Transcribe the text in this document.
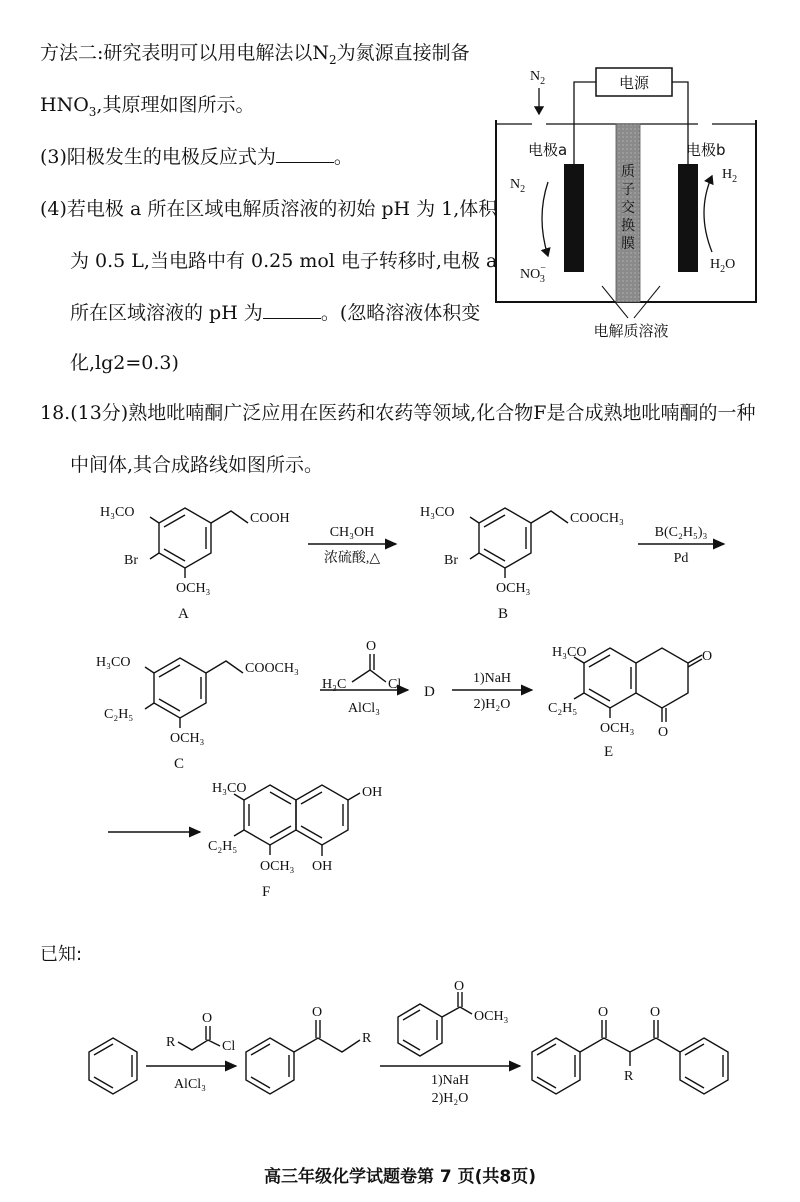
方法二:研究表明可以用电解法以$N_2$为氮源直接制备
$HNO_3$,其原理如图所示。
(3)阳极发生的电极反应式为	。
(4)若电极 a 所在区域电解质溶液的初始 pH 为 1,体积
为 0.5 L,当电路中有 0.25 mol 电子转移时,电极 a
所在区域溶液的 pH 为	。(忽略溶液体积变
化,lg2=0.3)
电源
$N_2$
质
子
交
换
膜
电极a	电极b
$N_2$
NO− 3
$H_2$
$H_2O$
电解质溶液
18.(13分)熟地吡喃酮广泛应用在医药和农药等领域,化合物F是合成熟地吡喃酮的一种
中间体,其合成路线如图所示。
H₃CO
Br
OCH₃
COOH
A
H₃CO
Br
OCH₃
COOCH₃
B
CH₃OH
浓硫酸,△
B(C₂H₅)₃
Pd
H₃CO
C₂H₅
OCH₃
COOCH₃
C
O
H₃C	Cl
AlCl₃
D
1)NaH
2)H₂O
H₃CO
C₂H₅
OCH₃
O
O
E
H₃CO
C₂H₅
OCH₃
OH
OH
F
已知:
R
O
Cl
AlCl₃
O
R
O
OCH₃
1)NaH
2)H₂O
O	O
R
高三年级化学试题卷第 7 页(共8页)
